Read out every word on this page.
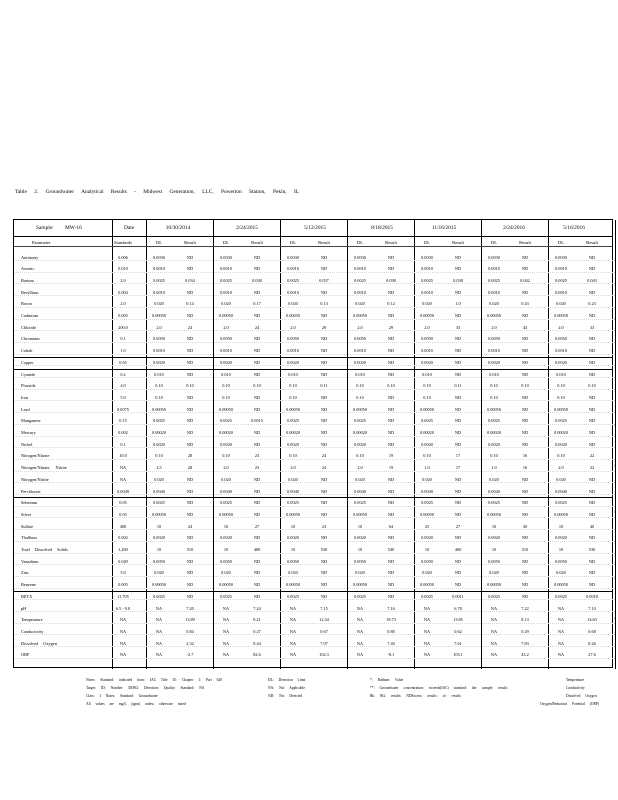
Table 2. Groundwater Analytical Results - Midwest Generation, LLC, Powerton Station, Pekin, IL
Sample: MW-16	Date	10/30/2014	2/24/2015	5/12/2015	8/18/2015	11/16/2015	2/24/2016	5/16/2016
Parameter	Standards	DL	Result	DL	Result	DL	Result	DL	Result	DL	Result	DL	Result	DL	Result
Antimony	0.006	0.0030	ND	0.0030	ND	0.0030	ND	0.0030	ND	0.0030	ND	0.0030	ND	0.0030	ND
Arsenic	0.010	0.0010	ND	0.0010	ND	0.0010	ND	0.0010	ND	0.0010	ND	0.0010	ND	0.0010	ND
Barium	2.0	0.0025	0.034	0.0025	0.038	0.0025	0.037	0.0025	0.038	0.0025	0.038	0.0025	0.042	0.0025	0.043
Beryllium	0.004	0.0010	ND	0.0010	ND	0.0010	ND	0.0010	ND	0.0010	ND	0.0010	ND	0.0010	ND
Boron	2.0	0.020	0.14	0.020	0.17	0.020	0.13	0.020	0.12	0.020	1.0	0.020	0.43	0.020	0.23
Cadmium	0.005	0.00050	ND	0.00050	ND	0.00050	ND	0.00050	ND	0.00050	ND	0.00050	ND	0.00050	ND
Chloride	200.0	2.0	24	2.0	24	2.0	29	2.0	29	2.0	33	2.0	43	2.0	33
Chromium	0.1	0.0050	ND	0.0050	ND	0.0050	ND	0.0050	ND	0.0050	ND	0.0050	ND	0.0050	ND
Cobalt	1.0	0.0010	ND	0.0010	ND	0.0010	ND	0.0010	ND	0.0010	ND	0.0010	ND	0.0010	ND
Copper	0.65	0.0020	ND	0.0020	ND	0.0020	ND	0.0020	ND	0.0020	ND	0.0020	ND	0.0020	ND
Cyanide	0.2	0.010	ND	0.010	ND	0.010	ND	0.010	ND	0.010	ND	0.010	ND	0.010	ND
Fluoride	4.0	0.10	0.10	0.10	0.10	0.10	0.11	0.10	0.10	0.10	0.11	0.10	0.10	0.10	0.10
Iron	5.0	0.10	ND	0.10	ND	0.10	ND	0.10	ND	0.10	ND	0.10	ND	0.10	ND
Lead	0.0075	0.00050	ND	0.00050	ND	0.00050	ND	0.00050	ND	0.00050	ND	0.00050	ND	0.00050	ND
Manganese	0.15	0.0025	ND	0.0025	0.0015	0.0025	ND	0.0025	ND	0.0025	ND	0.0025	ND	0.0025	ND
Mercury	0.002	0.00020	ND	0.00020	ND	0.00020	ND	0.00020	ND	0.00020	ND	0.00020	ND	0.00020	ND
Nickel	0.1	0.0020	ND	0.0020	ND	0.0020	ND	0.0020	ND	0.0020	ND	0.0020	ND	0.0020	ND
Nitrogen/Nitrate	10.0	0.10	28	0.10	23	0.10	24	0.10	19	0.10	17	0.10	16	0.10	22
Nitrogen/Nitrate, Nitrite	NA	2.5	28	2.0	23	2.0	24	2.0	19	1.0	17	1.0	16	2.0	22
Nitrogen/Nitrite	NA	0.020	ND	0.020	ND	0.020	ND	0.020	ND	0.020	ND	0.020	ND	0.020	ND
Perchlorate	0.0049	0.0040	ND	0.0040	ND	0.0040	ND	0.0040	ND	0.0040	ND	0.0040	ND	0.0040	ND
Selenium	0.05	0.0025	ND	0.0025	ND	0.0025	ND	0.0025	ND	0.0025	ND	0.0025	ND	0.0025	ND
Silver	0.05	0.00050	ND	0.00050	ND	0.00050	ND	0.00050	ND	0.00050	ND	0.00050	ND	0.00050	ND
Sulfate	400	10	24	10	27	10	23	10	64	25	27	10	30	10	40
Thallium	0.002	0.0020	ND	0.0020	ND	0.0020	ND	0.0020	ND	0.0020	ND	0.0020	ND	0.0020	ND
Total Dissolved Solids	1,200	10	510	10	480	10	530	10	540	10	460	10	510	10	530
Vanadium	0.049	0.0050	ND	0.0050	ND	0.0050	ND	0.0050	ND	0.0050	ND	0.0050	ND	0.0050	ND
Zinc	5.0	0.020	ND	0.020	ND	0.020	ND	0.020	ND	0.020	ND	0.020	ND	0.020	ND
Benzene	0.005	0.00050	ND	0.00050	ND	0.00050	ND	0.00050	ND	0.00050	ND	0.00050	ND	0.00050	ND
BETX	11.705	0.0025	ND	0.0025	ND	0.0025	ND	0.0025	ND	0.0025	0.0011	0.0025	ND	0.0025	0.0018
pH	6.5 - 9.0	NA	7.20	NA	7.24	NA	7.15	NA	7.16	NA	6.78	NA	7.22	NA	7.10
Temperature	NA	NA	13.89	NA	8.21	NA	12.34	NA	18.73	NA	13.85	NA	8.13	NA	14.63
Conductivity	NA	NA	0.84	NA	0.27	NA	0.67	NA	0.80	NA	0.62	NA	0.29	NA	0.68
Dissolved Oxygen	NA	NA	2.32	NA	8.44	NA	7.97	NA	7.40	NA	7.61	NA	7.83	NA	8.26
ORP	NA	NA	-2.7	NA	82.6	NA	102.3	NA	-8.1	NA	103.1	NA	43.2	NA	27.6
Notes: Standard: indicated from: IAC Title 35: Chapter 1: Part 620
Target: ID: Number: ID/BG: Detection: Quality: Standard: NA
Class: I Notes: Standard: Groundwater
All values are mg/L (ppm) unless otherwise noted
DL: Detection Limit
NA: Not Applicable
ND: Not Detected
*: Radium: Value
**: Groundwater concentration: exceeds(IAC) standard: the: sample: results
Bk: BG: results: NDExcess: results: of: results
Temperature
Conductivity
Dissolved Oxygen
Oxygen/Reduction Potential (ORP)
1
1
1
1
1
1
